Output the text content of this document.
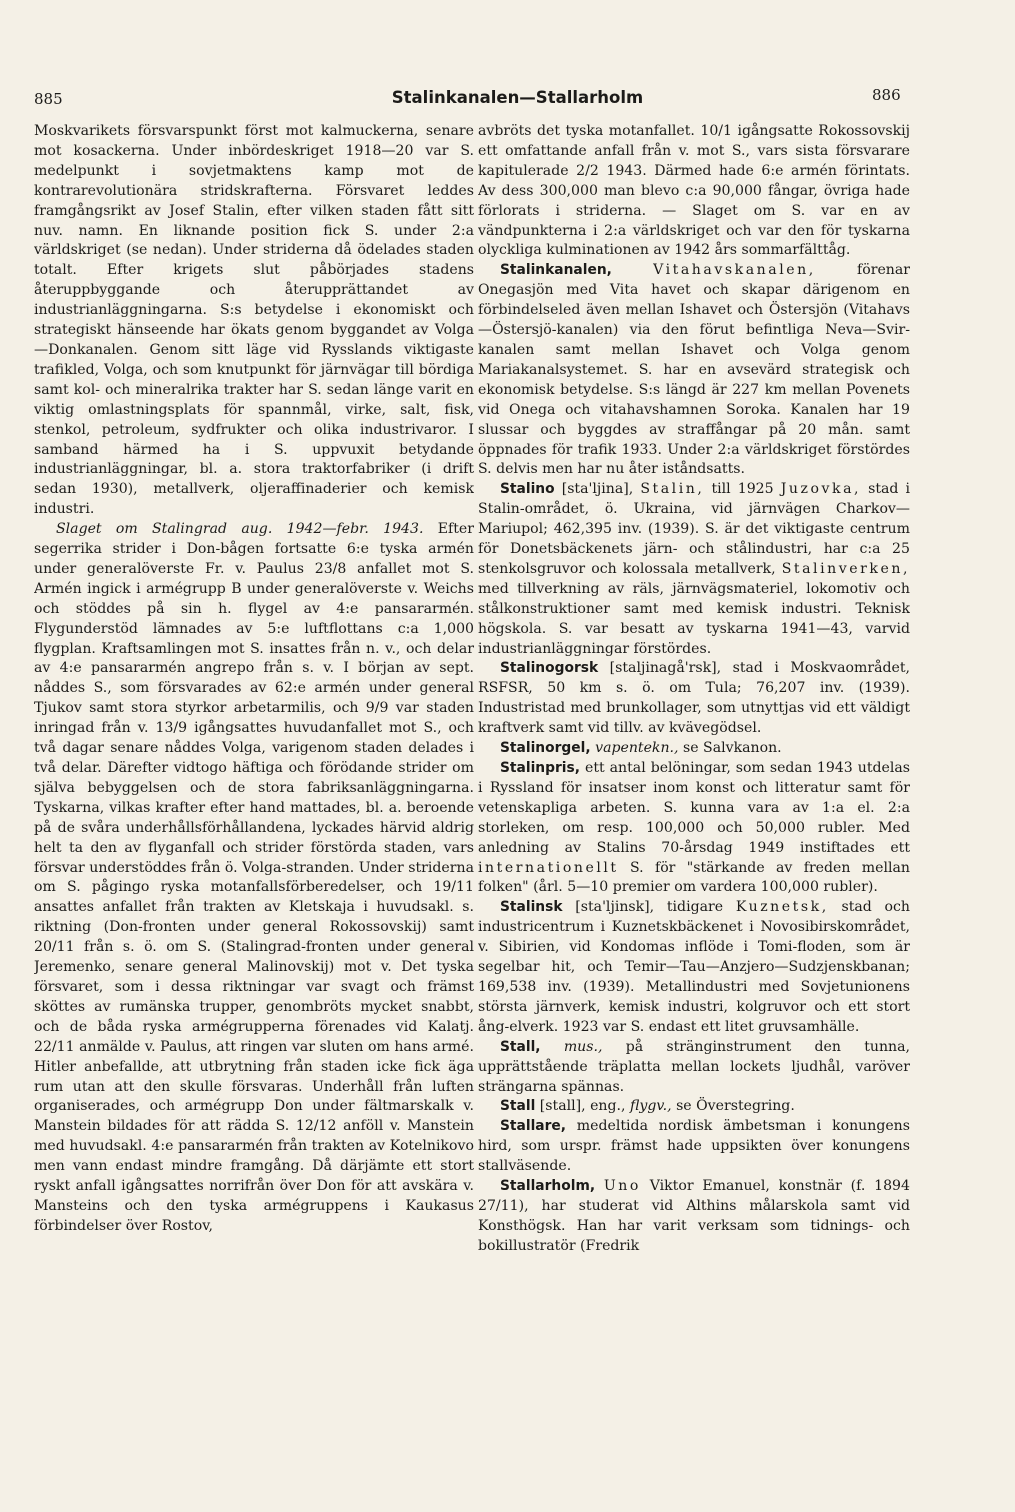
885	Stalinkanalen—Stallarholm	886

Moskvarikets försvarspunkt först mot kalmuckerna, senare mot kosackerna. Under inbördeskriget 1918—20 var S. medelpunkt i sovjetmaktens kamp mot de kontrarevolutionära stridskrafterna. Försvaret leddes framgångsrikt av Josef Stalin, efter vilken staden fått sitt nuv. namn. En liknande position fick S. under 2:a världskriget (se nedan). Under striderna då ödelades staden totalt. Efter krigets slut påbörjades stadens återuppbyggande och återupprättandet av industrianläggningarna. S:s betydelse i ekonomiskt och strategiskt hänseende har ökats genom byggandet av Volga—Donkanalen. Genom sitt läge vid Rysslands viktigaste trafikled, Volga, och som knutpunkt för järnvägar till bördiga samt kol- och mineralrika trakter har S. sedan länge varit en viktig omlastningsplats för spannmål, virke, salt, fisk, stenkol, petroleum, sydfrukter och olika industrivaror. I samband härmed ha i S. uppvuxit betydande industrianläggningar, bl. a. stora traktorfabriker (i drift sedan 1930), metallverk, oljeraffinaderier och kemisk industri.

Slaget om Stalingrad aug. 1942—febr. 1943. Efter segerrika strider i Don-bågen fortsatte 6:e tyska armén under generalöverste Fr. v. Paulus 23/8 anfallet mot S. Armén ingick i armégrupp B under generalöverste v. Weichs och stöddes på sin h. flygel av 4:e pansararmén. Flygunderstöd lämnades av 5:e luftflottans c:a 1,000 flygplan. Kraftsamlingen mot S. insattes från n. v., och delar av 4:e pansararmén angrepo från s. v. I början av sept. nåddes S., som försvarades av 62:e armén under general Tjukov samt stora styrkor arbetarmilis, och 9/9 var staden inringad från v. 13/9 igångsattes huvudanfallet mot S., och två dagar senare nåddes Volga, varigenom staden delades i två delar. Därefter vidtogo häftiga och förödande strider om själva bebyggelsen och de stora fabriksanläggningarna. Tyskarna, vilkas krafter efter hand mattades, bl. a. beroende på de svåra underhållsförhållandena, lyckades härvid aldrig helt ta den av flyganfall och strider förstörda staden, vars försvar understöddes från ö. Volga-stranden. Under striderna om S. pågingo ryska motanfallsförberedelser, och 19/11 ansattes anfallet från trakten av Kletskaja i huvudsakl. s. riktning (Don-fronten under general Rokossovskij) samt 20/11 från s. ö. om S. (Stalingrad-fronten under general Jeremenko, senare general Malinovskij) mot v. Det tyska försvaret, som i dessa riktningar var svagt och främst sköttes av rumänska trupper, genombröts mycket snabbt, och de båda ryska armégrupperna förenades vid Kalatj. 22/11 anmälde v. Paulus, att ringen var sluten om hans armé. Hitler anbefallde, att utbrytning från staden icke fick äga rum utan att den skulle försvaras. Underhåll från luften organiserades, och armégrupp Don under fältmarskalk v. Manstein bildades för att rädda S. 12/12 anföll v. Manstein med huvudsakl. 4:e pansararmén från trakten av Kotelnikovo men vann endast mindre framgång. Då därjämte ett stort ryskt anfall igångsattes norrifrån över Don för att avskära v. Mansteins och den tyska armégruppens i Kaukasus förbindelser över Rostov,

avbröts det tyska motanfallet. 10/1 igångsatte Rokossovskij ett omfattande anfall från v. mot S., vars sista försvarare kapitulerade 2/2 1943. Därmed hade 6:e armén förintats. Av dess 300,000 man blevo c:a 90,000 fångar, övriga hade förlorats i striderna. — Slaget om S. var en av vändpunkterna i 2:a världskriget och var den för tyskarna olyckliga kulminationen av 1942 års sommarfälttåg.

Stalinkanalen,	Vitahavskanalen,	förenar Onegasjön med Vita havet och skapar därigenom en förbindelseled även mellan Ishavet och Östersjön (Vitahavs—Östersjö-kanalen) via den förut befintliga Neva—Svir-kanalen samt mellan Ishavet och Volga genom Mariakanalsystemet. S. har en avsevärd strategisk och ekonomisk betydelse. S:s längd är 227 km mellan Povenets vid Onega och vitahavshamnen Soroka. Kanalen har 19 slussar och byggdes av straffångar på 20 mån. samt öppnades för trafik 1933. Under 2:a världskriget förstördes S. delvis men har nu åter iståndsatts.

Stalino [sta'ljina], Stalin, till 1925 Juzovka, stad i Stalin-området, ö. Ukraina, vid järnvägen Charkov—Mariupol; 462,395 inv. (1939). S. är det viktigaste centrum för Donetsbäckenets järn- och stålindustri, har c:a 25 stenkolsgruvor och kolossala metallverk, Stalinverken, med tillverkning av räls, järnvägsmateriel, lokomotiv och stålkonstruktioner samt med kemisk industri. Teknisk högskola. S. var besatt av tyskarna 1941—43, varvid industrianläggningar förstördes.

Stalinogorsk [staljinagå'rsk], stad i Moskvaområdet, RSFSR, 50 km s. ö. om Tula; 76,207 inv. (1939). Industristad med brunkollager, som utnyttjas vid ett väldigt kraftverk samt vid tillv. av kvävegödsel.

Stalinorgel, vapentekn., se Salvkanon.

Stalinpris, ett antal belöningar, som sedan 1943 utdelas i Ryssland för insatser inom konst och litteratur samt för vetenskapliga arbeten. S. kunna vara av 1:a el. 2:a storleken, om resp. 100,000 och 50,000 rubler. Med anledning av Stalins 70-årsdag 1949 instiftades ett internationellt S. för "stärkande av freden mellan folken" (årl. 5—10 premier om vardera 100,000 rubler).

Stalinsk [sta'ljinsk], tidigare Kuznetsk, stad och industricentrum i Kuznetskbäckenet i Novosibirskområdet, v. Sibirien, vid Kondomas inflöde i Tomi-floden, som är segelbar hit, och Temir—Tau—Anzjero—Sudzjenskbanan; 169,538 inv. (1939). Metallindustri med Sovjetunionens största järnverk, kemisk industri, kolgruvor och ett stort ång-elverk. 1923 var S. endast ett litet gruvsamhälle.

Stall, mus., på stränginstrument den tunna, upprättstående träplatta mellan lockets ljudhål, varöver strängarna spännas.

Stall [stall], eng., flygv., se Överstegring.

Stallare, medeltida nordisk ämbetsman i konungens hird, som urspr. främst hade uppsikten över konungens stallväsende.

Stallarholm, Uno Viktor Emanuel, konstnär (f. 1894 27/11), har studerat vid Althins målarskola samt vid Konsthögsk. Han har varit verksam som tidnings- och bokillustratör (Fredrik
